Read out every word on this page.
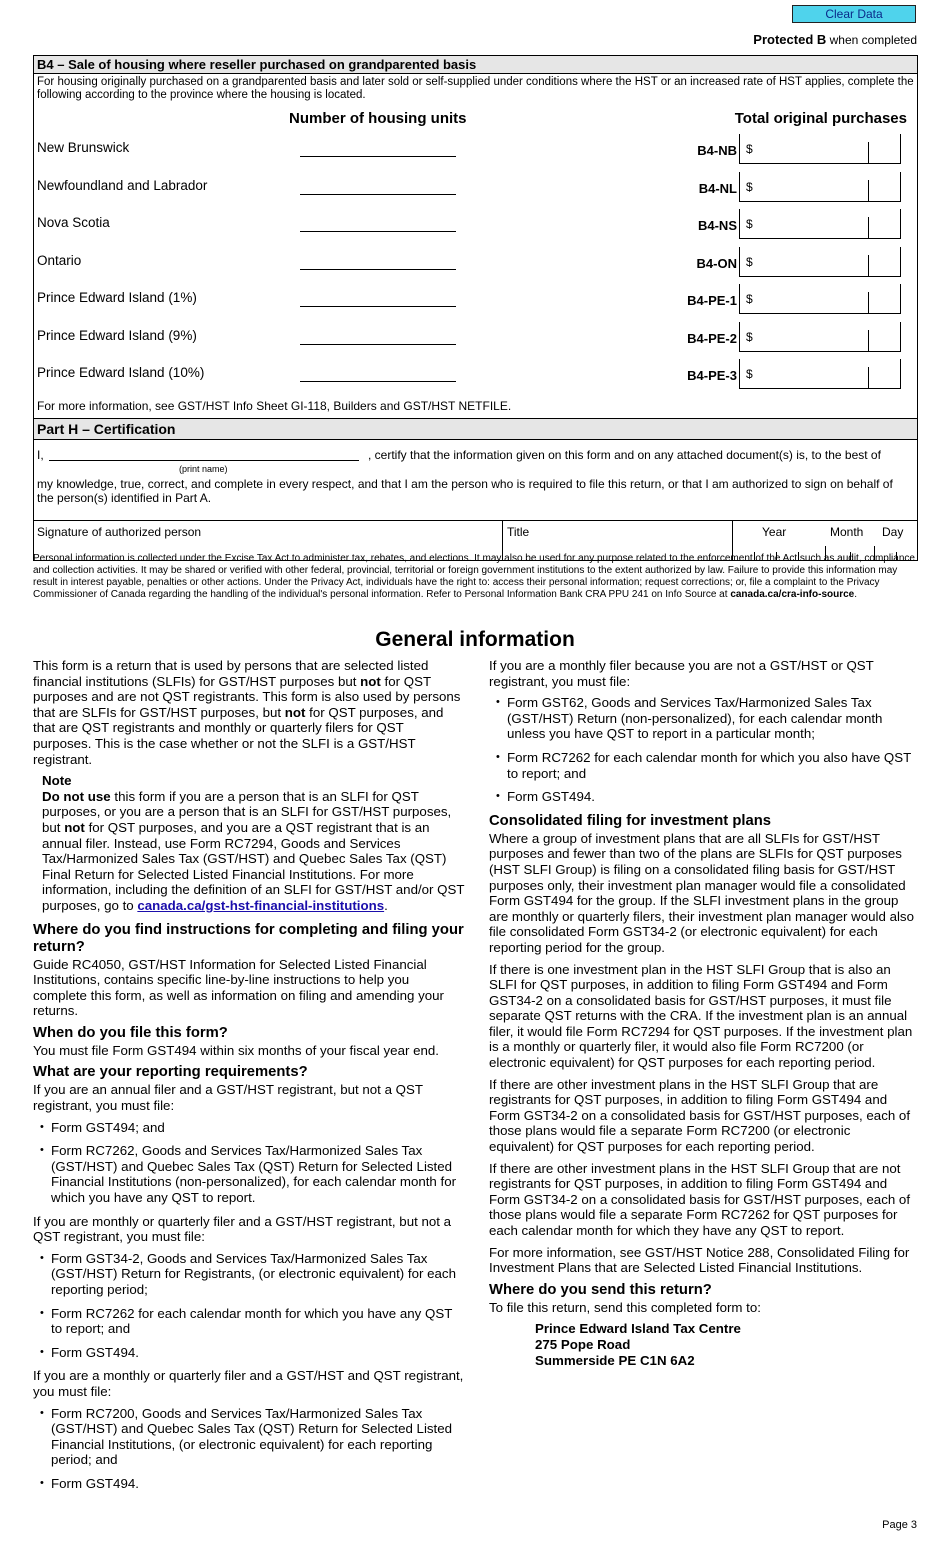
Clear Data
Protected B when completed
B4 – Sale of housing where reseller purchased on grandparented basis
For housing originally purchased on a grandparented basis and later sold or self-supplied under conditions where the HST or an increased rate of HST applies, complete the following according to the province where the housing is located.
Number of housing units	Total original purchases
New Brunswick	B4-NB $
Newfoundland and Labrador	B4-NL $
Nova Scotia	B4-NS $
Ontario	B4-ON $
Prince Edward Island (1%)	B4-PE-1 $
Prince Edward Island (9%)	B4-PE-2 $
Prince Edward Island (10%)	B4-PE-3 $
For more information, see GST/HST Info Sheet GI-118, Builders and GST/HST NETFILE.
Part H – Certification
I,
(print name)
, certify that the information given on this form and on any attached document(s) is, to the best of
my knowledge, true, correct, and complete in every respect, and that I am the person who is required to file this return, or that I am authorized to sign on behalf of the person(s) identified in Part A.
Signature of authorized person	Title	Year	Month Day
Personal information is collected under the Excise Tax Act to administer tax, rebates, and elections. It may also be used for any purpose related to the enforcement of the Act such as audit, compliance and collection activities. It may be shared or verified with other federal, provincial, territorial or foreign government institutions to the extent authorized by law. Failure to provide this information may result in interest payable, penalties or other actions. Under the Privacy Act, individuals have the right to: access their personal information; request corrections; or, file a complaint to the Privacy Commissioner of Canada regarding the handling of the individual's personal information. Refer to Personal Information Bank CRA PPU 241 on Info Source at canada.ca/cra-info-source.
General information

This form is a return that is used by persons that are selected listed financial institutions (SLFIs) for GST/HST purposes but not for QST purposes and are not QST registrants. This form is also used by persons that are SLFIs for GST/HST purposes, but not for QST purposes, and that are QST registrants and monthly or quarterly filers for QST purposes. This is the case whether or not the SLFI is a GST/HST registrant.

Note
Do not use this form if you are a person that is an SLFI for QST purposes, or you are a person that is an SLFI for GST/HST purposes, but not for QST purposes, and you are a QST registrant that is an annual filer. Instead, use Form RC7294, Goods and Services Tax/Harmonized Sales Tax (GST/HST) and Quebec Sales Tax (QST) Final Return for Selected Listed Financial Institutions. For more information, including the definition of an SLFI for GST/HST and/or QST purposes, go to canada.ca/gst-hst-financial-institutions.
Where do you find instructions for completing and filing your return?

Guide RC4050, GST/HST Information for Selected Listed Financial Institutions, contains specific line-by-line instructions to help you complete this form, as well as information on filing and amending your returns.

When do you file this form?

You must file Form GST494 within six months of your fiscal year end.

What are your reporting requirements?

If you are an annual filer and a GST/HST registrant, but not a QST registrant, you must file:

• Form GST494; and
• Form RC7262, Goods and Services Tax/Harmonized Sales Tax (GST/HST) and Quebec Sales Tax (QST) Return for Selected Listed Financial Institutions (non-personalized), for each calendar month for which you have any QST to report.

If you are monthly or quarterly filer and a GST/HST registrant, but not a QST registrant, you must file:

• Form GST34-2, Goods and Services Tax/Harmonized Sales Tax (GST/HST) Return for Registrants, (or electronic equivalent) for each reporting period;
• Form RC7262 for each calendar month for which you have any QST to report; and
• Form GST494.

If you are a monthly or quarterly filer and a GST/HST and QST registrant, you must file:

• Form RC7200, Goods and Services Tax/Harmonized Sales Tax (GST/HST) and Quebec Sales Tax (QST) Return for Selected Listed Financial Institutions, (or electronic equivalent) for each reporting period; and
• Form GST494.

If you are a monthly filer because you are not a GST/HST or QST registrant, you must file:

• Form GST62, Goods and Services Tax/Harmonized Sales Tax (GST/HST) Return (non-personalized), for each calendar month unless you have QST to report in a particular month;
• Form RC7262 for each calendar month for which you also have QST to report; and
• Form GST494.
Consolidated filing for investment plans

Where a group of investment plans that are all SLFIs for GST/HST purposes and fewer than two of the plans are SLFIs for QST purposes (HST SLFI Group) is filing on a consolidated filing basis for GST/HST purposes only, their investment plan manager would file a consolidated Form GST494 for the group. If the SLFI investment plans in the group are monthly or quarterly filers, their investment plan manager would also file consolidated Form GST34-2 (or electronic equivalent) for each reporting period for the group.

If there is one investment plan in the HST SLFI Group that is also an SLFI for QST purposes, in addition to filing Form GST494 and Form GST34-2 on a consolidated basis for GST/HST purposes, it must file separate QST returns with the CRA. If the investment plan is an annual filer, it would file Form RC7294 for QST purposes. If the investment plan is a monthly or quarterly filer, it would also file Form RC7200 (or electronic equivalent) for QST purposes for each reporting period.

If there are other investment plans in the HST SLFI Group that are registrants for QST purposes, in addition to filing Form GST494 and Form GST34-2 on a consolidated basis for GST/HST purposes, each of those plans would file a separate Form RC7200 (or electronic equivalent) for QST purposes for each reporting period.

If there are other investment plans in the HST SLFI Group that are not registrants for QST purposes, in addition to filing Form GST494 and Form GST34-2 on a consolidated basis for GST/HST purposes, each of those plans would file a separate Form RC7262 for QST purposes for each calendar month for which they have any QST to report.

For more information, see GST/HST Notice 288, Consolidated Filing for Investment Plans that are Selected Listed Financial Institutions.

Where do you send this return?

To file this return, send this completed form to:

Prince Edward Island Tax Centre
275 Pope Road
Summerside PE C1N 6A2
Page 3
